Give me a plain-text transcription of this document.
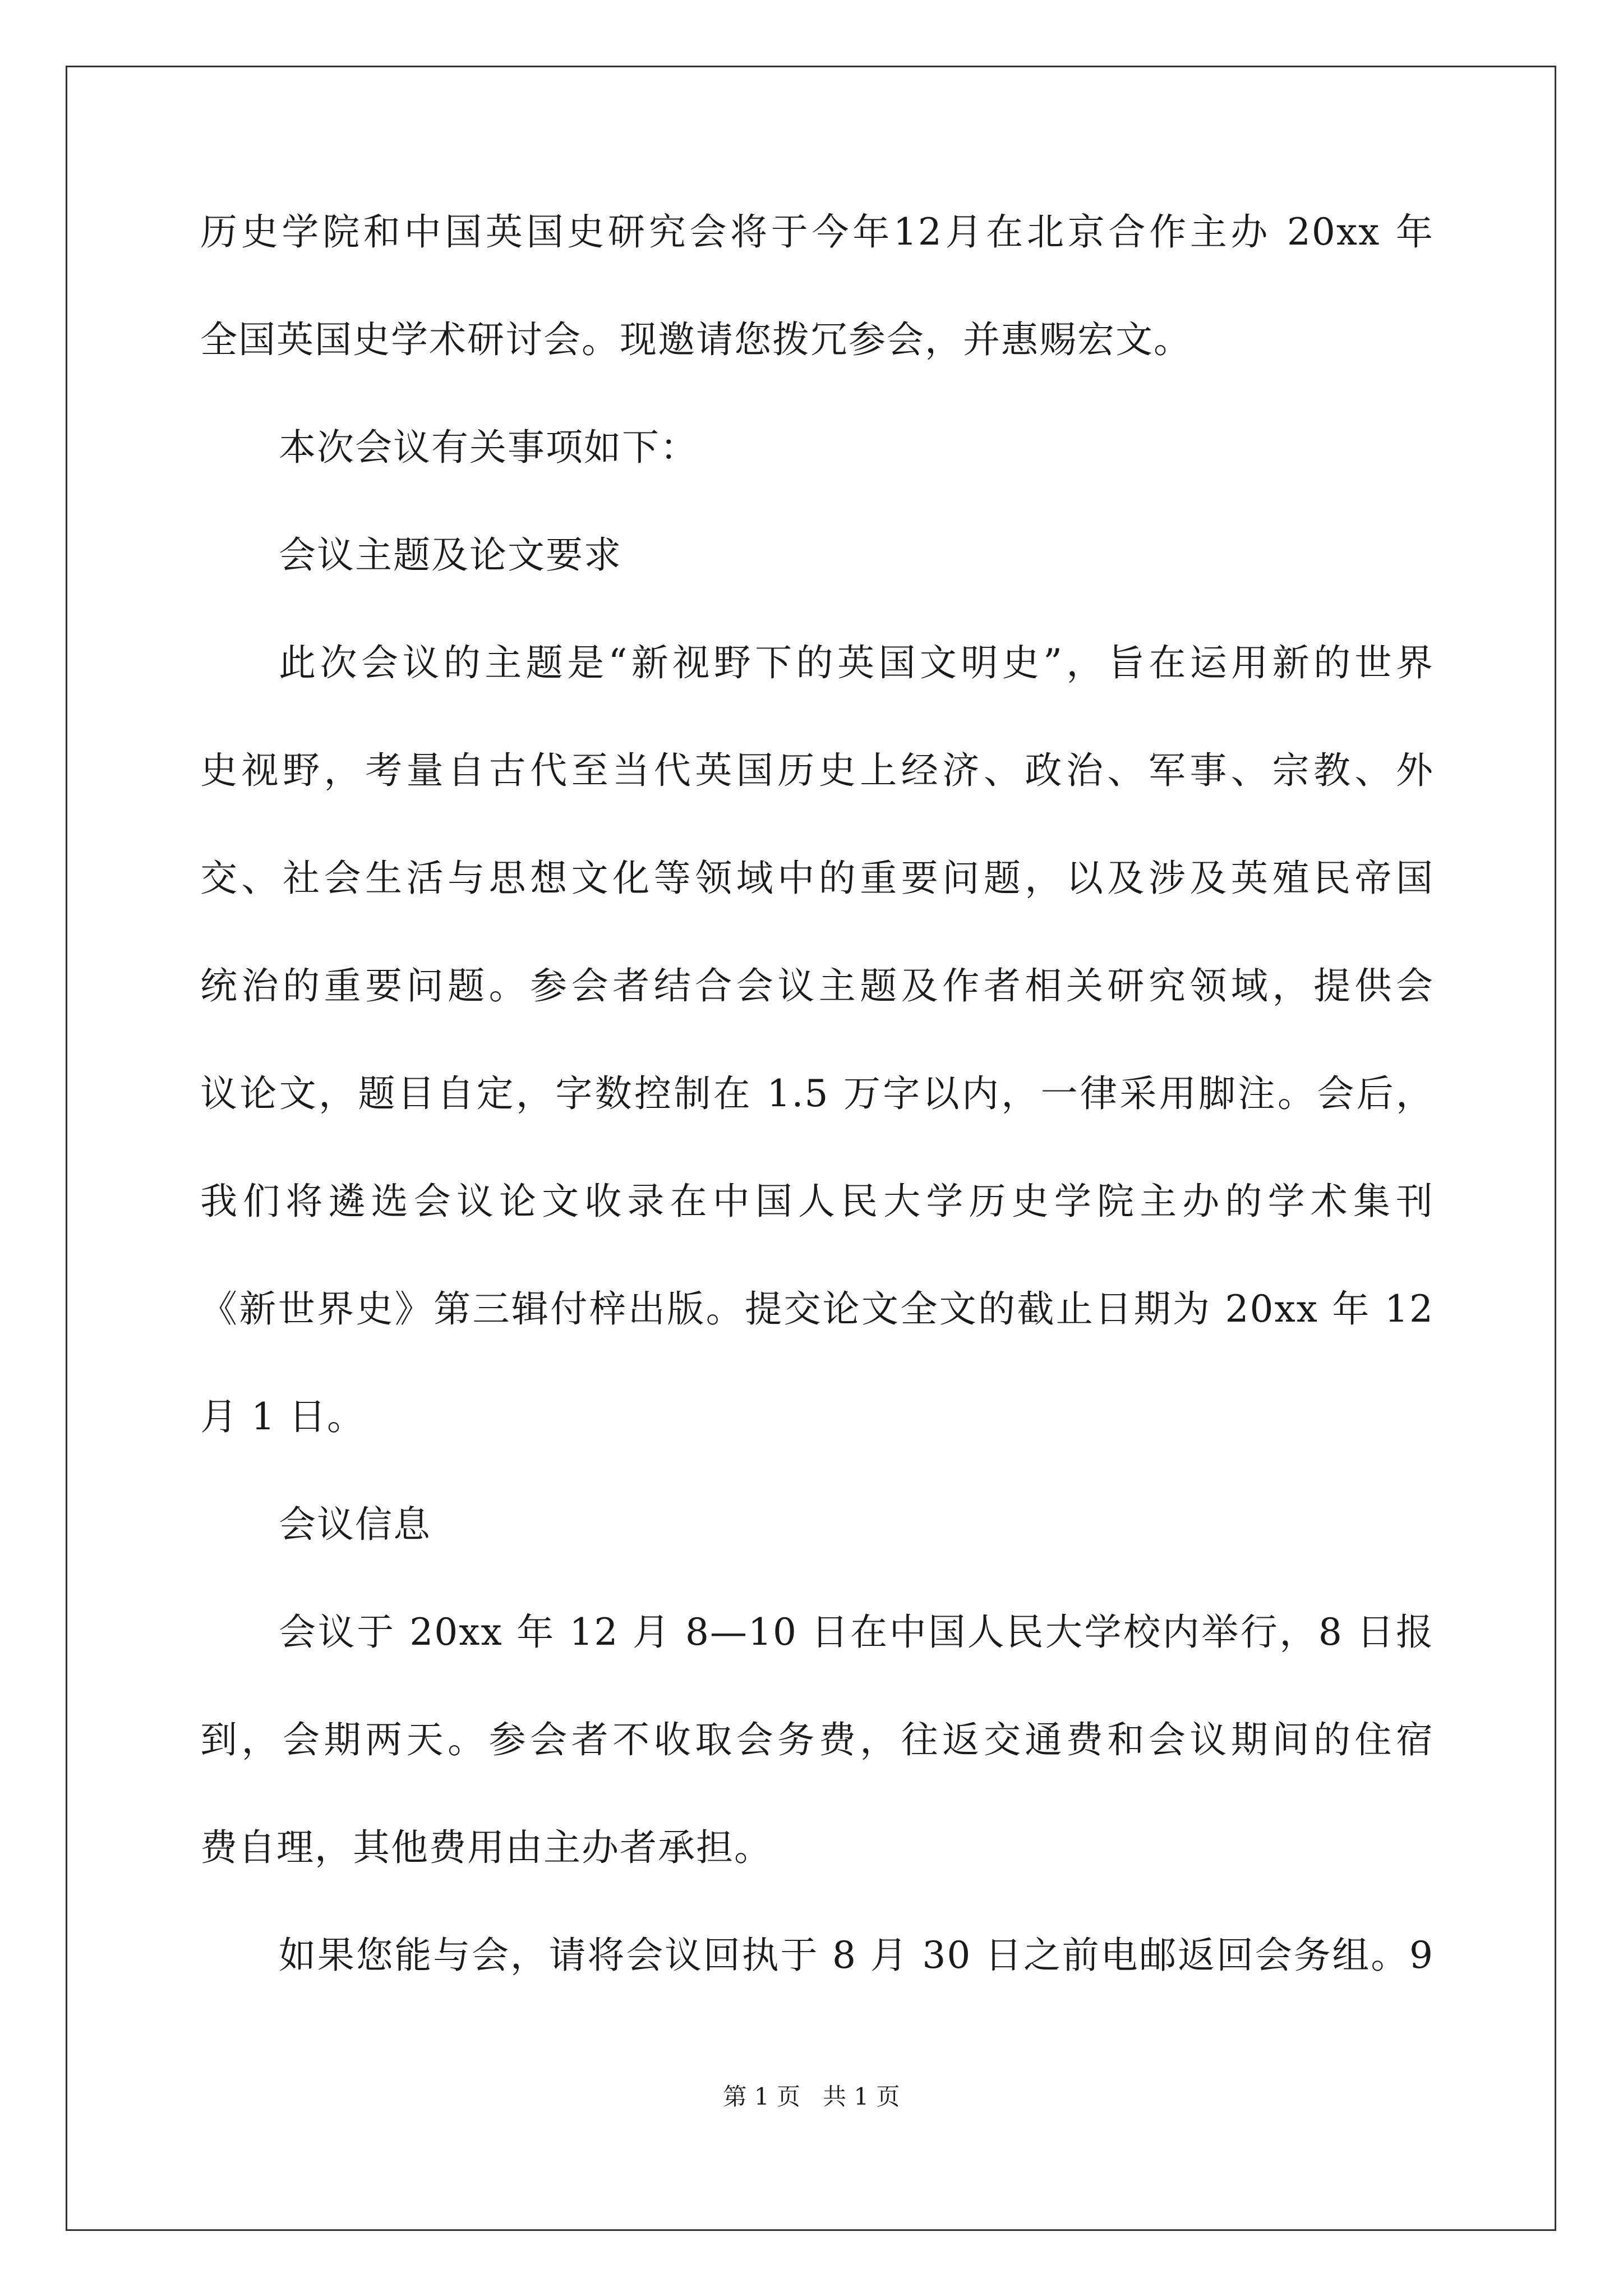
历史学院和中国英国史研究会将于今年12月在北京合作主办 20xx 年
全国英国史学术研讨会。现邀请您拨冗参会，并惠赐宏文。
本次会议有关事项如下：
会议主题及论文要求
此次会议的主题是“新视野下的英国文明史”，旨在运用新的世界
史视野，考量自古代至当代英国历史上经济、政治、军事、宗教、外
交、社会生活与思想文化等领域中的重要问题，以及涉及英殖民帝国
统治的重要问题。参会者结合会议主题及作者相关研究领域，提供会
议论文，题目自定，字数控制在 1.5 万字以内，一律采用脚注。会后，
我们将遴选会议论文收录在中国人民大学历史学院主办的学术集刊
《新世界史》第三辑付梓出版。提交论文全文的截止日期为 20xx 年 12
月 1 日。
会议信息
会议于 20xx 年 12 月 8—10 日在中国人民大学校内举行，8 日报
到，会期两天。参会者不收取会务费，往返交通费和会议期间的住宿
费自理，其他费用由主办者承担。
如果您能与会，请将会议回执于 8 月 30 日之前电邮返回会务组。9
第 1 页   共 1 页
